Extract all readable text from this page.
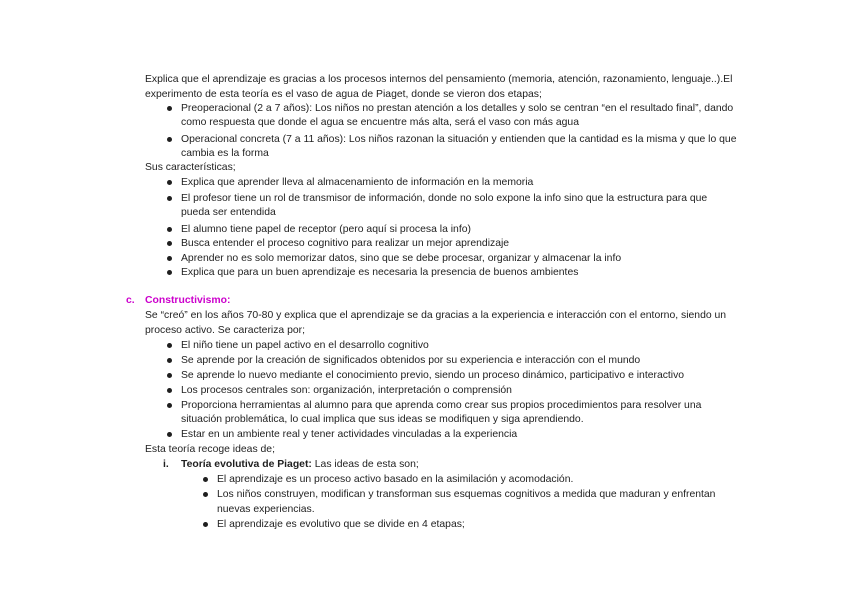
Explica que el aprendizaje es gracias a los procesos internos del pensamiento (memoria, atención, razonamiento, lenguaje..).El
experimento de esta teoría es el vaso de agua de Piaget, donde se vieron dos etapas;
Preoperacional (2 a 7 años): Los niños no prestan atención a los detalles y solo se centran “en el resultado final”, dando
como respuesta que donde el agua se encuentre más alta, será el vaso con más agua
Operacional concreta (7 a 11 años): Los niños razonan la situación y entienden que la cantidad es la misma y que lo que
cambia es la forma
Sus características;
Explica que aprender lleva al almacenamiento de información en la memoria
El profesor tiene un rol de transmisor de información, donde no solo expone la info sino que la estructura para que
pueda ser entendida
El alumno tiene papel de receptor (pero aquí si procesa la info)
Busca entender el proceso cognitivo para realizar un mejor aprendizaje
Aprender no es solo memorizar datos, sino que se debe procesar, organizar y almacenar la info
Explica que para un buen aprendizaje es necesaria la presencia de buenos ambientes
c. Constructivismo:
Se “creó” en los años 70-80 y explica que el aprendizaje se da gracias a la experiencia e interacción con el entorno, siendo un
proceso activo. Se caracteriza por;
El niño tiene un papel activo en el desarrollo cognitivo
Se aprende por la creación de significados obtenidos por su experiencia e interacción con el mundo
Se aprende lo nuevo mediante el conocimiento previo, siendo un proceso dinámico, participativo e interactivo
Los procesos centrales son: organización, interpretación o comprensión
Proporciona herramientas al alumno para que aprenda como crear sus propios procedimientos para resolver una
situación problemática, lo cual implica que sus ideas se modifiquen y siga aprendiendo.
Estar en un ambiente real y tener actividades vinculadas a la experiencia
Esta teoría recoge ideas de;
i. Teoría evolutiva de Piaget: Las ideas de esta son;
El aprendizaje es un proceso activo basado en la asimilación y acomodación.
Los niños construyen, modifican y transforman sus esquemas cognitivos a medida que maduran y enfrentan
nuevas experiencias.
El aprendizaje es evolutivo que se divide en 4 etapas;
